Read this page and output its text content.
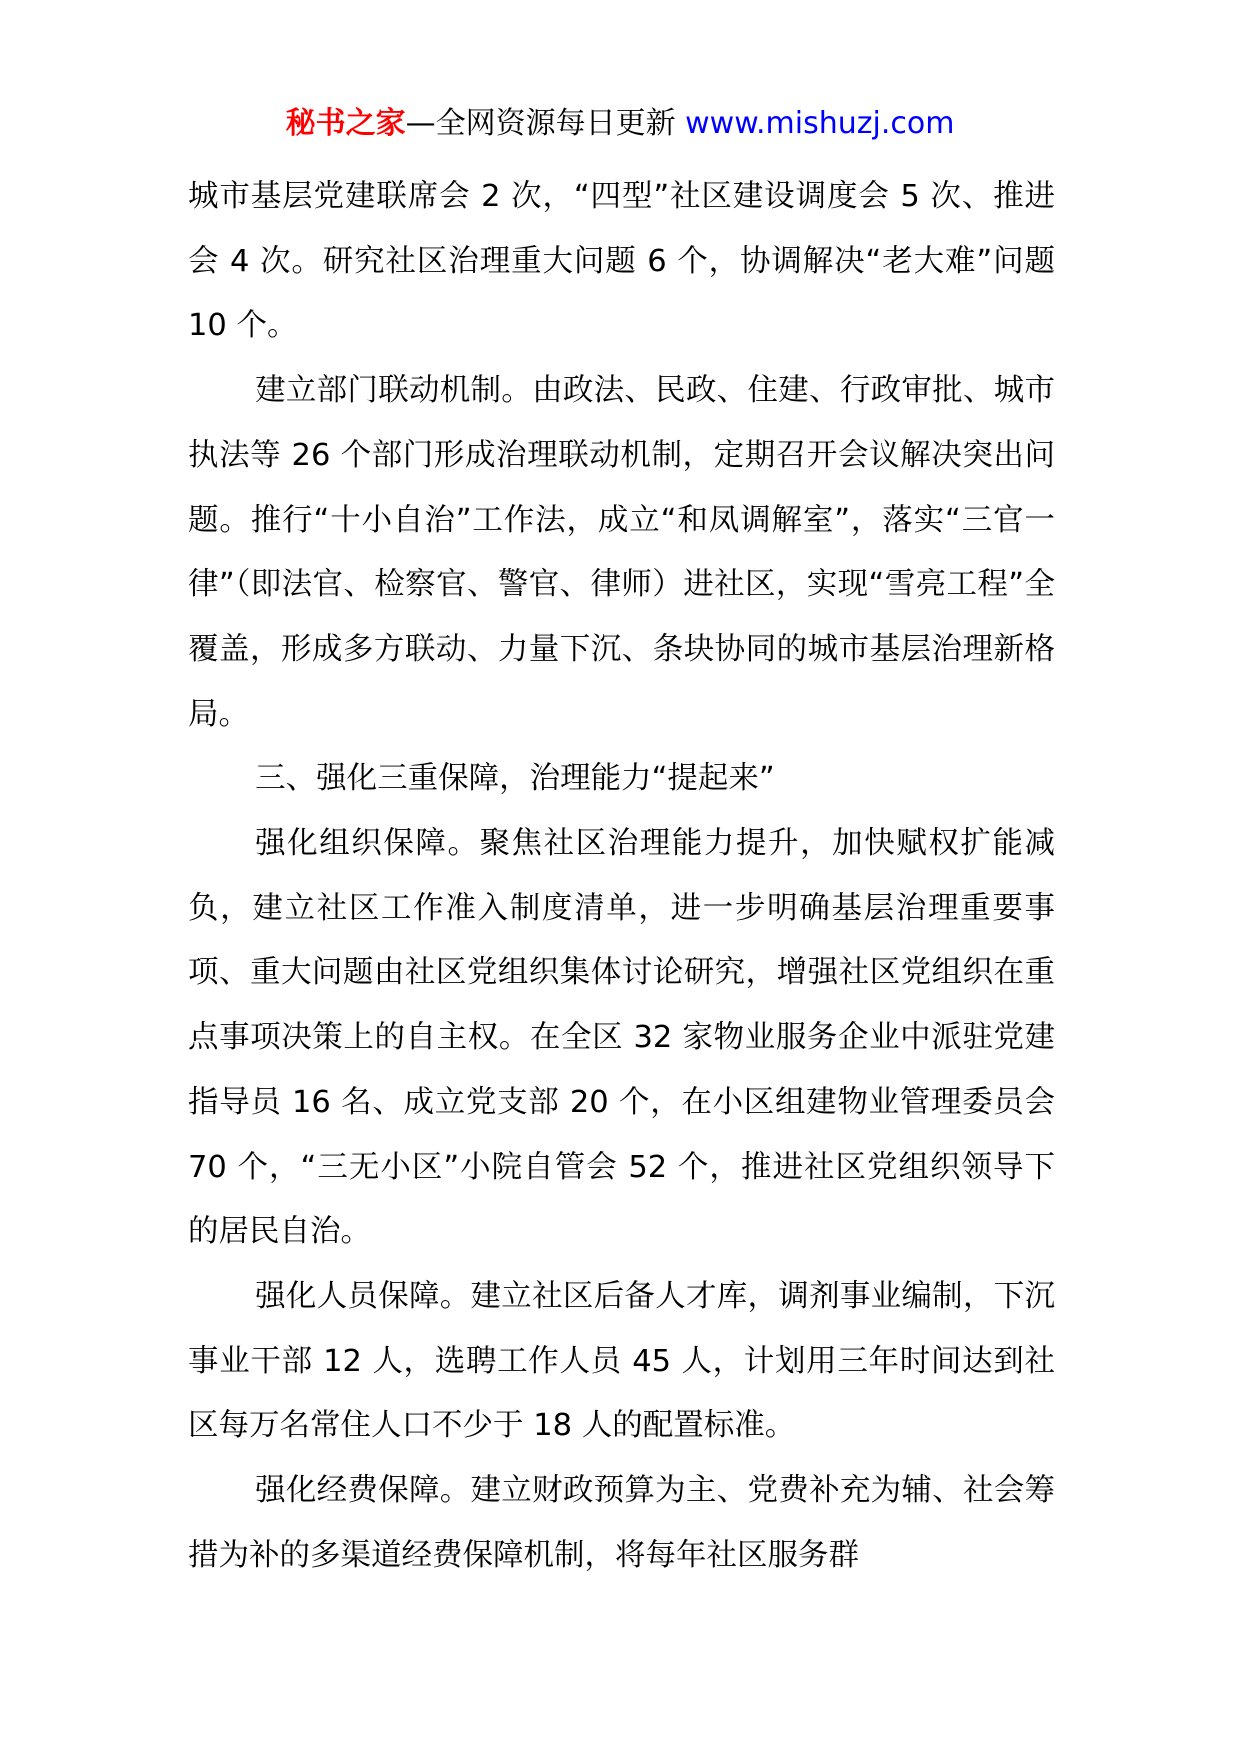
秘书之家—全网资源每日更新 www.mishuzj.com

城市基层党建联席会 2 次，“四型”社区建设调度会 5 次、推进会 4 次。研究社区治理重大问题 6 个，协调解决“老大难”问题 10 个。

建立部门联动机制。由政法、民政、住建、行政审批、城市执法等 26 个部门形成治理联动机制，定期召开会议解决突出问题。推行“十小自治”工作法，成立“和凤调解室”，落实“三官一律”（即法官、检察官、警官、律师）进社区，实现“雪亮工程”全覆盖，形成多方联动、力量下沉、条块协同的城市基层治理新格局。

三、强化三重保障，治理能力“提起来”

强化组织保障。聚焦社区治理能力提升，加快赋权扩能减负，建立社区工作准入制度清单，进一步明确基层治理重要事项、重大问题由社区党组织集体讨论研究，增强社区党组织在重点事项决策上的自主权。在全区 32 家物业服务企业中派驻党建指导员 16 名、成立党支部 20 个，在小区组建物业管理委员会 70 个，“三无小区”小院自管会 52 个，推进社区党组织领导下的居民自治。

强化人员保障。建立社区后备人才库，调剂事业编制，下沉事业干部 12 人，选聘工作人员 45 人，计划用三年时间达到社区每万名常住人口不少于 18 人的配置标准。

强化经费保障。建立财政预算为主、党费补充为辅、社会筹措为补的多渠道经费保障机制，将每年社区服务群
